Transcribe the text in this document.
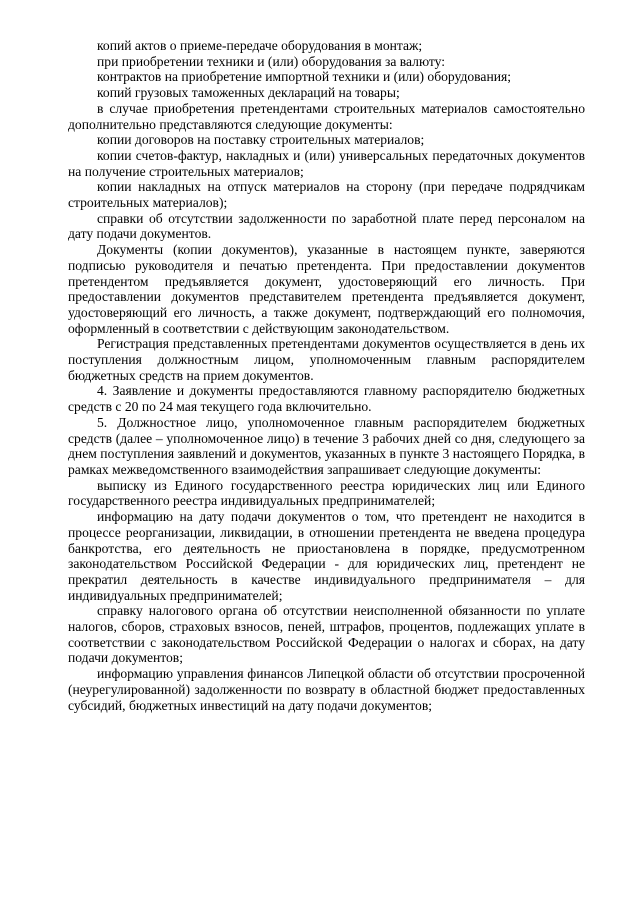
копий актов о приеме-передаче оборудования в монтаж;

при приобретении техники и (или) оборудования за валюту:

контрактов на приобретение импортной техники и (или) оборудования;

копий грузовых таможенных деклараций на товары;

в случае приобретения претендентами строительных материалов самостоятельно дополнительно представляются следующие документы:

копии договоров на поставку строительных материалов;

копии счетов-фактур, накладных и (или) универсальных передаточных документов на получение строительных материалов;

копии накладных на отпуск материалов на сторону (при передаче подрядчикам строительных материалов);

справки об отсутствии задолженности по заработной плате перед персоналом на дату подачи документов.

Документы (копии документов), указанные в настоящем пункте, заверяются подписью руководителя и печатью претендента. При предоставлении документов претендентом предъявляется документ, удостоверяющий его личность. При предоставлении документов представителем претендента предъявляется документ, удостоверяющий его личность, а также документ, подтверждающий его полномочия, оформленный в соответствии с действующим законодательством.

Регистрация представленных претендентами документов осуществляется в день их поступления должностным лицом, уполномоченным главным распорядителем бюджетных средств на прием документов.

4. Заявление и документы предоставляются главному распорядителю бюджетных средств с 20 по 24 мая текущего года включительно.

5. Должностное лицо, уполномоченное главным распорядителем бюджетных средств (далее – уполномоченное лицо) в течение 3 рабочих дней со дня, следующего за днем поступления заявлений и документов, указанных в пункте 3 настоящего Порядка, в рамках межведомственного взаимодействия запрашивает следующие документы:

выписку из Единого государственного реестра юридических лиц или Единого государственного реестра индивидуальных предпринимателей;

информацию на дату подачи документов о том, что претендент не находится в процессе реорганизации, ликвидации, в отношении претендента не введена процедура банкротства, его деятельность не приостановлена в порядке, предусмотренном законодательством Российской Федерации - для юридических лиц, претендент не прекратил деятельность в качестве индивидуального предпринимателя – для индивидуальных предпринимателей;

справку налогового органа об отсутствии неисполненной обязанности по уплате налогов, сборов, страховых взносов, пеней, штрафов, процентов, подлежащих уплате в соответствии с законодательством Российской Федерации о налогах и сборах, на дату подачи документов;

информацию управления финансов Липецкой области об отсутствии просроченной (неурегулированной) задолженности по возврату в областной бюджет предоставленных субсидий, бюджетных инвестиций на дату подачи документов;
